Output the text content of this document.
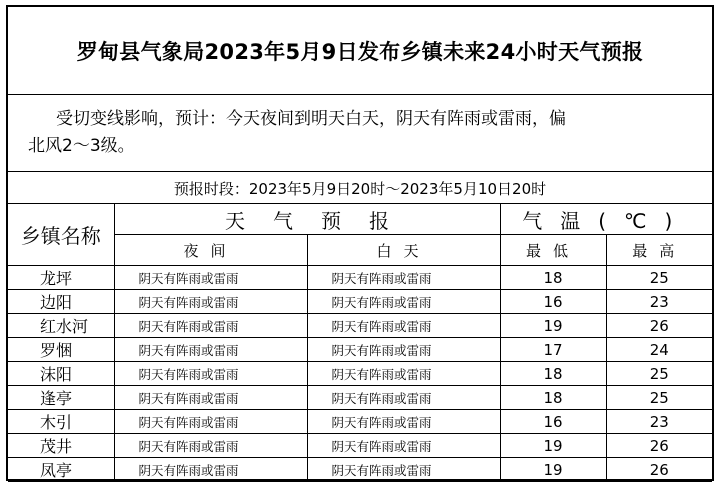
罗甸县气象局2023年5月9日发布乡镇未来24小时天气预报
受切变线影响，预计：今天夜间到明天白天，阴天有阵雨或雷雨，偏
北风2～3级。
预报时段：2023年5月9日20时～2023年5月10日20时
乡镇名称	天气预报		气温(℃)	
	夜间	白天	最低	最高
龙坪	阴天有阵雨或雷雨	阴天有阵雨或雷雨	18	25
边阳	阴天有阵雨或雷雨	阴天有阵雨或雷雨	16	23
红水河	阴天有阵雨或雷雨	阴天有阵雨或雷雨	19	26
罗悃	阴天有阵雨或雷雨	阴天有阵雨或雷雨	17	24
沫阳	阴天有阵雨或雷雨	阴天有阵雨或雷雨	18	25
逢亭	阴天有阵雨或雷雨	阴天有阵雨或雷雨	18	25
木引	阴天有阵雨或雷雨	阴天有阵雨或雷雨	16	23
茂井	阴天有阵雨或雷雨	阴天有阵雨或雷雨	19	26
凤亭	阴天有阵雨或雷雨	阴天有阵雨或雷雨	19	26
